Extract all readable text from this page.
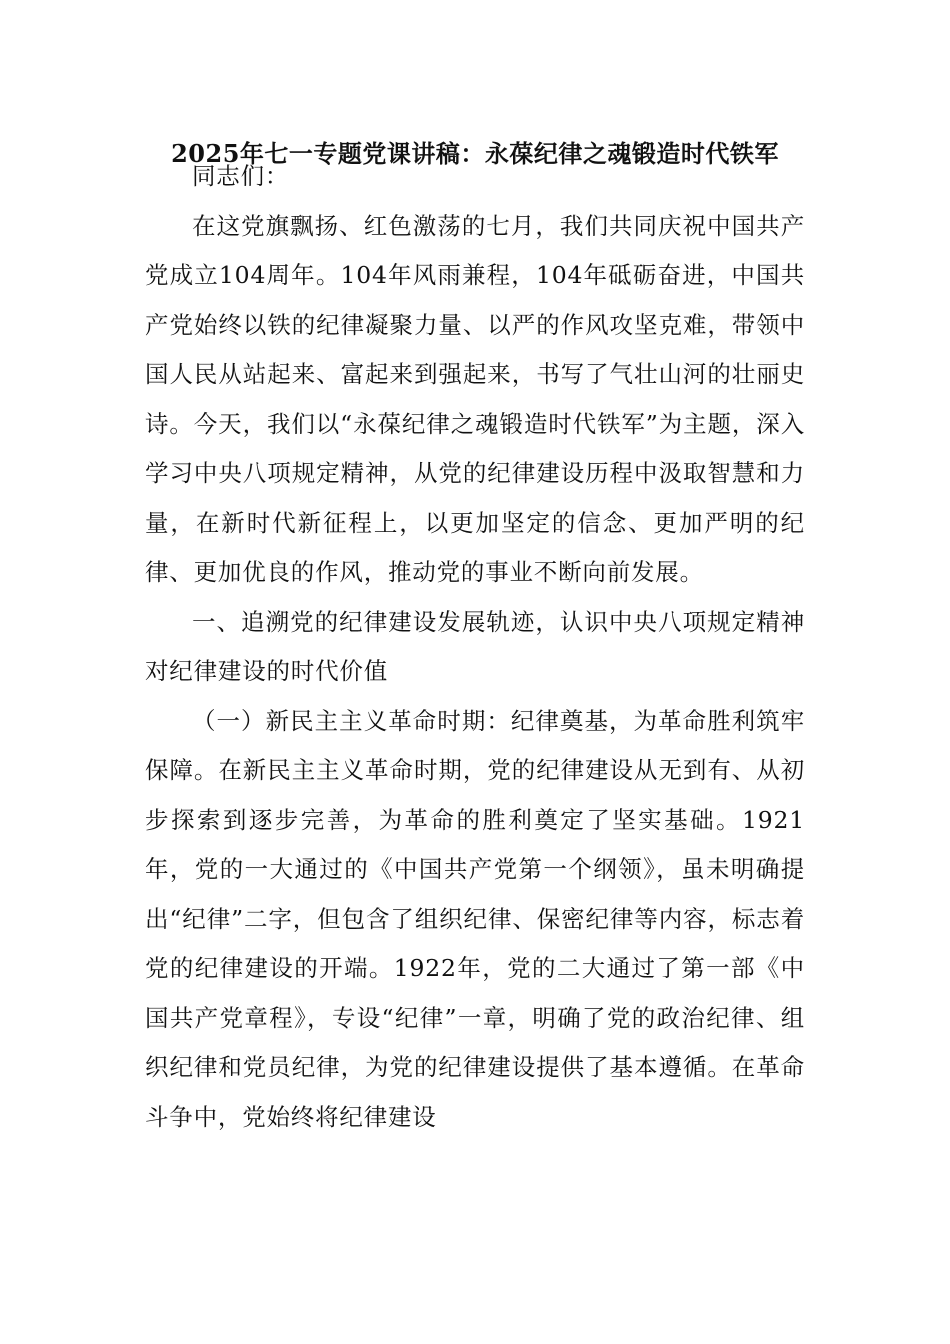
2025年七一专题党课讲稿：永葆纪律之魂锻造时代铁军

同志们：

在这党旗飘扬、红色激荡的七月，我们共同庆祝中国共产党成立104周年。104年风雨兼程，104年砥砺奋进，中国共产党始终以铁的纪律凝聚力量、以严的作风攻坚克难，带领中国人民从站起来、富起来到强起来，书写了气壮山河的壮丽史诗。今天，我们以“永葆纪律之魂锻造时代铁军”为主题，深入学习中央八项规定精神，从党的纪律建设历程中汲取智慧和力量，在新时代新征程上，以更加坚定的信念、更加严明的纪律、更加优良的作风，推动党的事业不断向前发展。

一、追溯党的纪律建设发展轨迹，认识中央八项规定精神对纪律建设的时代价值

（一）新民主主义革命时期：纪律奠基，为革命胜利筑牢保障。在新民主主义革命时期，党的纪律建设从无到有、从初步探索到逐步完善，为革命的胜利奠定了坚实基础。1921年，党的一大通过的《中国共产党第一个纲领》，虽未明确提出“纪律”二字，但包含了组织纪律、保密纪律等内容，标志着党的纪律建设的开端。1922年，党的二大通过了第一部《中国共产党章程》，专设“纪律”一章，明确了党的政治纪律、组织纪律和党员纪律，为党的纪律建设提供了基本遵循。在革命斗争中，党始终将纪律建设
